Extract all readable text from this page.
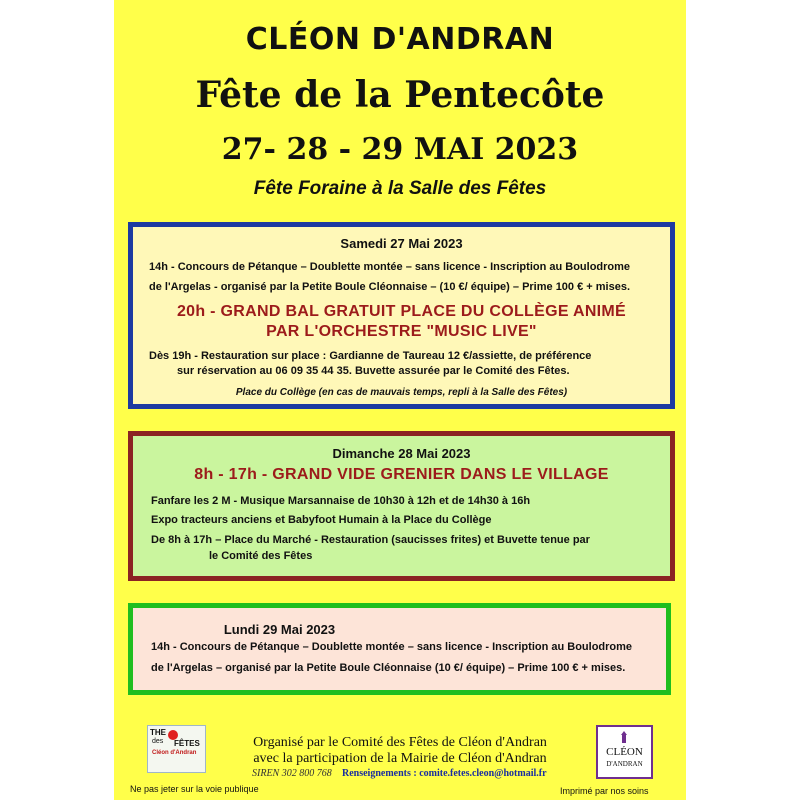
CLÉON D'ANDRAN
Fête de la Pentecôte
27- 28 - 29 MAI 2023
Fête Foraine à la Salle des Fêtes
Samedi 27 Mai 2023
14h - Concours de Pétanque – Doublette montée – sans licence - Inscription au Boulodrome
de l'Argelas - organisé par la Petite Boule Cléonnaise – (10 €/ équipe) – Prime 100 € + mises.
20h - GRAND BAL GRATUIT PLACE DU COLLÈGE ANIMÉ
PAR L'ORCHESTRE "MUSIC LIVE"
Dès 19h - Restauration sur place : Gardianne de Taureau 12 €/assiette, de préférence
sur réservation au 06 09 35 44 35. Buvette assurée par le Comité des Fêtes.
Place du Collège (en cas de mauvais temps, repli à la Salle des Fêtes)
Dimanche 28 Mai 2023
8h - 17h - GRAND VIDE GRENIER DANS LE VILLAGE
Fanfare les 2 M - Musique Marsannaise de 10h30 à 12h et de 14h30 à 16h
Expo tracteurs anciens et Babyfoot Humain à la Place du Collège
De 8h à 17h – Place du Marché - Restauration (saucisses frites) et Buvette tenue par
le Comité des Fêtes
Lundi 29 Mai 2023
14h - Concours de Pétanque – Doublette montée – sans licence - Inscription au Boulodrome
de l'Argelas – organisé par la Petite Boule Cléonnaise (10 €/ équipe) – Prime 100 € + mises.
THE
des FÊTES
Cléon d'Andran
Organisé par le Comité des Fêtes de Cléon d'Andran
avec la participation de la Mairie de Cléon d'Andran
SIREN 302 800 768 Renseignements : comite.fetes.cleon@hotmail.fr
CLÉON
D'ANDRAN
Ne pas jeter sur la voie publique	Imprimé par nos soins
